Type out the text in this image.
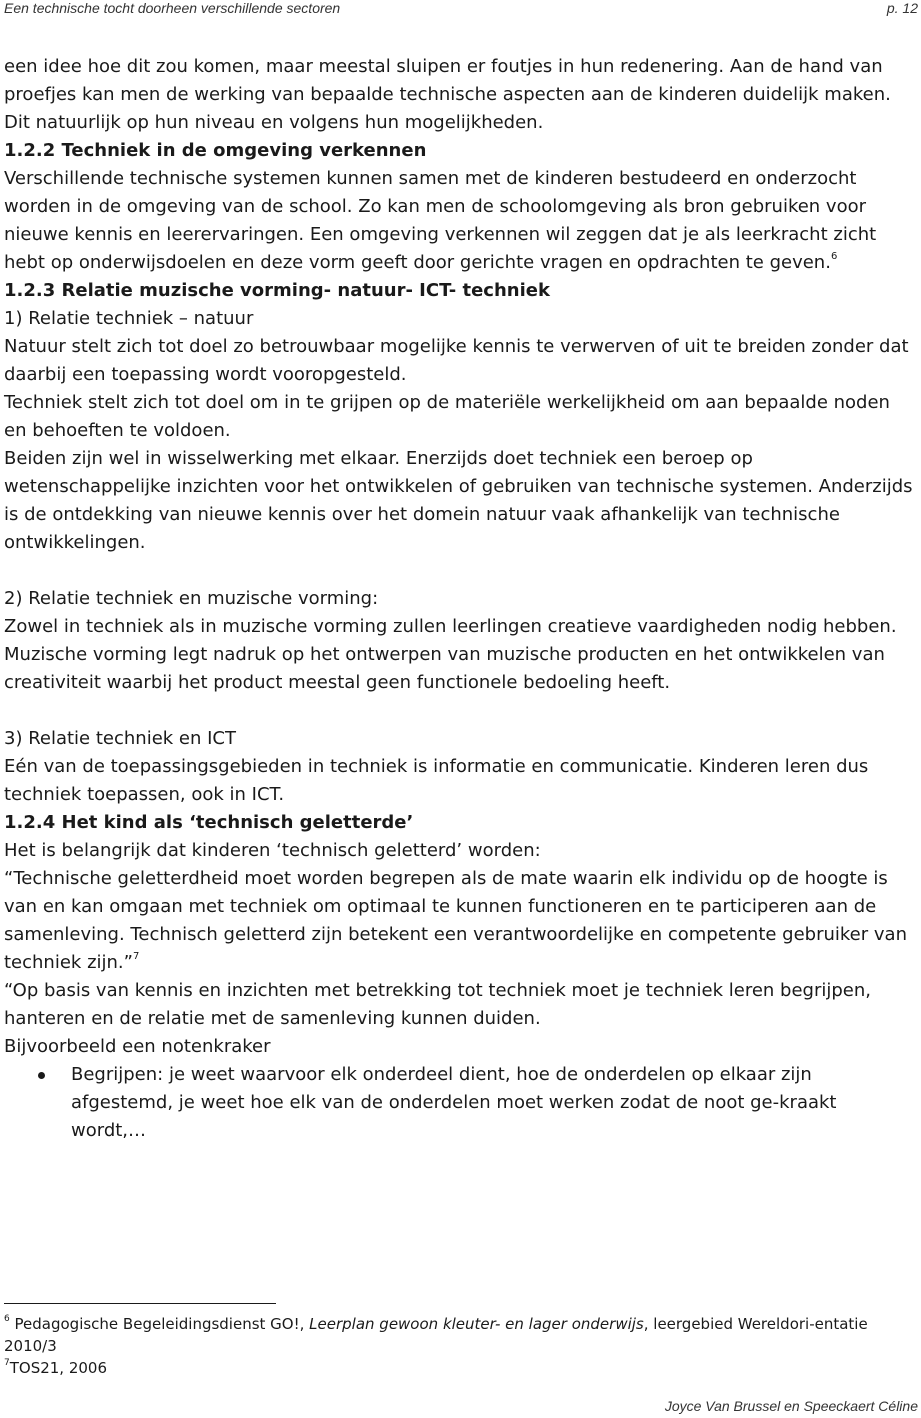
Een technische tocht doorheen verschillende sectoren	p. 12

een idee hoe dit zou komen, maar meestal sluipen er foutjes in hun redenering. Aan de hand van proefjes kan men de werking van bepaalde technische aspecten aan de kinderen duidelijk maken. Dit natuurlijk op hun niveau en volgens hun mogelijkheden.

1.2.2 Techniek in de omgeving verkennen

Verschillende technische systemen kunnen samen met de kinderen bestudeerd en onderzocht worden in de omgeving van de school. Zo kan men de schoolomgeving als bron gebruiken voor nieuwe kennis en leerervaringen. Een omgeving verkennen wil zeggen dat je als leerkracht zicht hebt op onderwijsdoelen en deze vorm geeft door gerichte vragen en opdrachten te geven.$^6$

1.2.3 Relatie muzische vorming- natuur- ICT- techniek

1) Relatie techniek – natuur

Natuur stelt zich tot doel zo betrouwbaar mogelijke kennis te verwerven of uit te breiden zonder dat daarbij een toepassing wordt vooropgesteld.

Techniek stelt zich tot doel om in te grijpen op de materiële werkelijkheid om aan bepaalde noden en behoeften te voldoen.

Beiden zijn wel in wisselwerking met elkaar. Enerzijds doet techniek een beroep op wetenschappelijke inzichten voor het ontwikkelen of gebruiken van technische systemen. Anderzijds is de ontdekking van nieuwe kennis over het domein natuur vaak afhankelijk van technische ontwikkelingen.

2) Relatie techniek en muzische vorming:

Zowel in techniek als in muzische vorming zullen leerlingen creatieve vaardigheden nodig hebben. Muzische vorming legt nadruk op het ontwerpen van muzische producten en het ontwikkelen van creativiteit waarbij het product meestal geen functionele bedoeling heeft.

3) Relatie techniek en ICT

Eén van de toepassingsgebieden in techniek is informatie en communicatie. Kinderen leren dus techniek toepassen, ook in ICT.

1.2.4 Het kind als ‘technisch geletterde’

Het is belangrijk dat kinderen ‘technisch geletterd’ worden:

“Technische geletterdheid moet worden begrepen als de mate waarin elk individu op de hoogte is van en kan omgaan met techniek om optimaal te kunnen functioneren en te participeren aan de samenleving. Technisch geletterd zijn betekent een verantwoordelijke en competente gebruiker van techniek zijn.”$^7$

“Op basis van kennis en inzichten met betrekking tot techniek moet je techniek leren begrijpen, hanteren en de relatie met de samenleving kunnen duiden.

Bijvoorbeeld een notenkraker

Begrijpen: je weet waarvoor elk onderdeel dient, hoe de onderdelen op elkaar zijn afgestemd, je weet hoe elk van de onderdelen moet werken zodat de noot ge-kraakt wordt,…

$^6$ Pedagogische Begeleidingsdienst GO!, Leerplan gewoon kleuter- en lager onderwijs, leergebied Wereldori-entatie 2010/3

$^7$TOS21, 2006

Joyce Van Brussel en Speeckaert Céline
